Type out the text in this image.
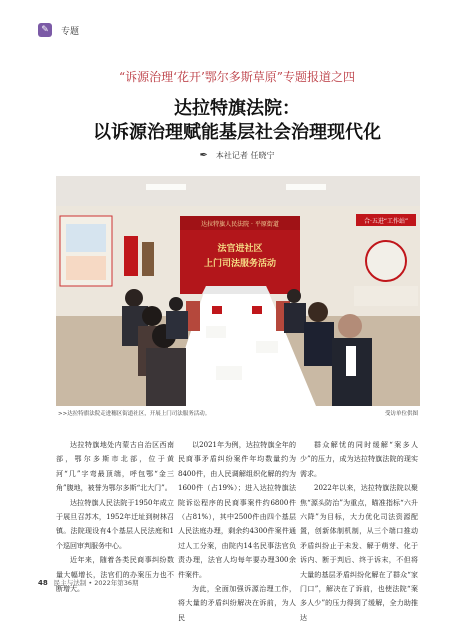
✎	专题
“诉源治理‘花开’鄂尔多斯草原”专题报道之四
达拉特旗法院：
以诉源治理赋能基层社会治理现代化
✒ 本社记者 任晓宁
合·五进“工作站”
达拉特旗人民法院 · 平原街道
法官进社区
上门司法服务活动
>>达拉特旗法院走进穗区街道社区，开展上门司法服务活动。	受访单位供图

达拉特旗地处内蒙古自治区西南部，鄂尔多斯市北部，位于黄河“几”字弯最顶端，呼包鄂“金三角”腹地，被誉为鄂尔多斯“北大门”。

达拉特旗人民法院于1950年成立于展旦召苏木，1952年迁址到树林召镇。法院现设有4个基层人民法庭和1个巡回审判服务中心。

近年来，随着各类民商事纠纷数量大幅增长，法官们的办案压力也不断增大。

以2021年为例，达拉特旗全年的民商事矛盾纠纷案件年均数量约为8400件，由人民调解组织化解的约为1600件（占19%）；进入达拉特旗法院诉讼程序的民商事案件约6800件（占81%），其中2500件由四个基层人民法庭办理，剩余约4300件案件通过人工分案，由院内14名民事法官负责办理，法官人均每年要办理300余件案件。

为此，全面加强诉源治理工作，将大量的矛盾纠纷解决在诉前，为人民

群众解忧的同时缓解“案多人少”的压力，成为达拉特旗法院的现实需求。

2022年以来，达拉特旗法院以聚焦“源头防治”为重点，瞄准指标“六升六降”为目标，大力优化司法资源配置，创新体制机制，从三个端口推动矛盾纠纷止于未发、解于萌芽、化于诉内、断于判后、终于诉末，不但将大量的基层矛盾纠纷化解在了群众“家门口”，解决在了诉前，也使法院“案多人少”的压力得到了缓解，全力助推达

48 民主与法制 • 2022年第36期
